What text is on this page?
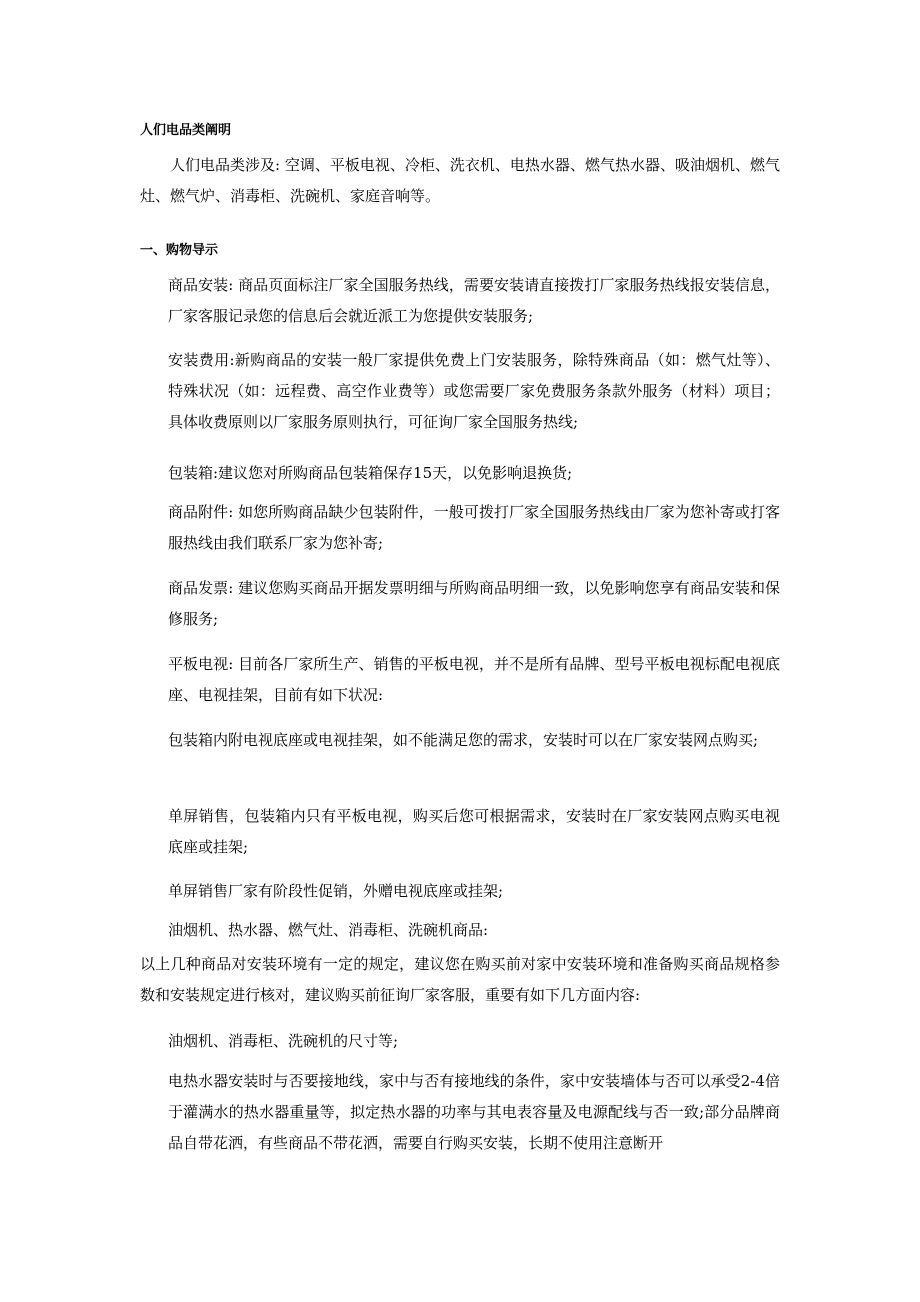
人们电品类阐明
人们电品类涉及: 空调、平板电视、冷柜、洗衣机、电热水器、燃气热水器、吸油烟机、燃气灶、燃气炉、消毒柜、洗碗机、家庭音响等。
一、购物导示
商品安装: 商品页面标注厂家全国服务热线，需要安装请直接拨打厂家服务热线报安装信息，厂家客服记录您的信息后会就近派工为您提供安装服务;
安装费用:新购商品的安装一般厂家提供免费上门安装服务，除特殊商品（如：燃气灶等）、特殊状况（如：远程费、高空作业费等）或您需要厂家免费服务条款外服务（材料）项目；具体收费原则以厂家服务原则执行，可征询厂家全国服务热线;
包装箱:建议您对所购商品包装箱保存15天，以免影响退换货;
商品附件: 如您所购商品缺少包装附件，一般可拨打厂家全国服务热线由厂家为您补寄或打客服热线由我们联系厂家为您补寄;
商品发票: 建议您购买商品开据发票明细与所购商品明细一致，以免影响您享有商品安装和保修服务;
平板电视: 目前各厂家所生产、销售的平板电视，并不是所有品牌、型号平板电视标配电视底座、电视挂架，目前有如下状况:
包装箱内附电视底座或电视挂架，如不能满足您的需求，安装时可以在厂家安装网点购买;
单屏销售，包装箱内只有平板电视，购买后您可根据需求，安装时在厂家安装网点购买电视底座或挂架;
单屏销售厂家有阶段性促销，外赠电视底座或挂架;
油烟机、热水器、燃气灶、消毒柜、洗碗机商品:
以上几种商品对安装环境有一定的规定，建议您在购买前对家中安装环境和准备购买商品规格参数和安装规定进行核对，建议购买前征询厂家客服，重要有如下几方面内容:
油烟机、消毒柜、洗碗机的尺寸等;
电热水器安装时与否要接地线，家中与否有接地线的条件，家中安装墙体与否可以承受2-4倍于灌满水的热水器重量等，拟定热水器的功率与其电表容量及电源配线与否一致;部分品牌商品自带花洒，有些商品不带花洒，需要自行购买安装，长期不使用注意断开
